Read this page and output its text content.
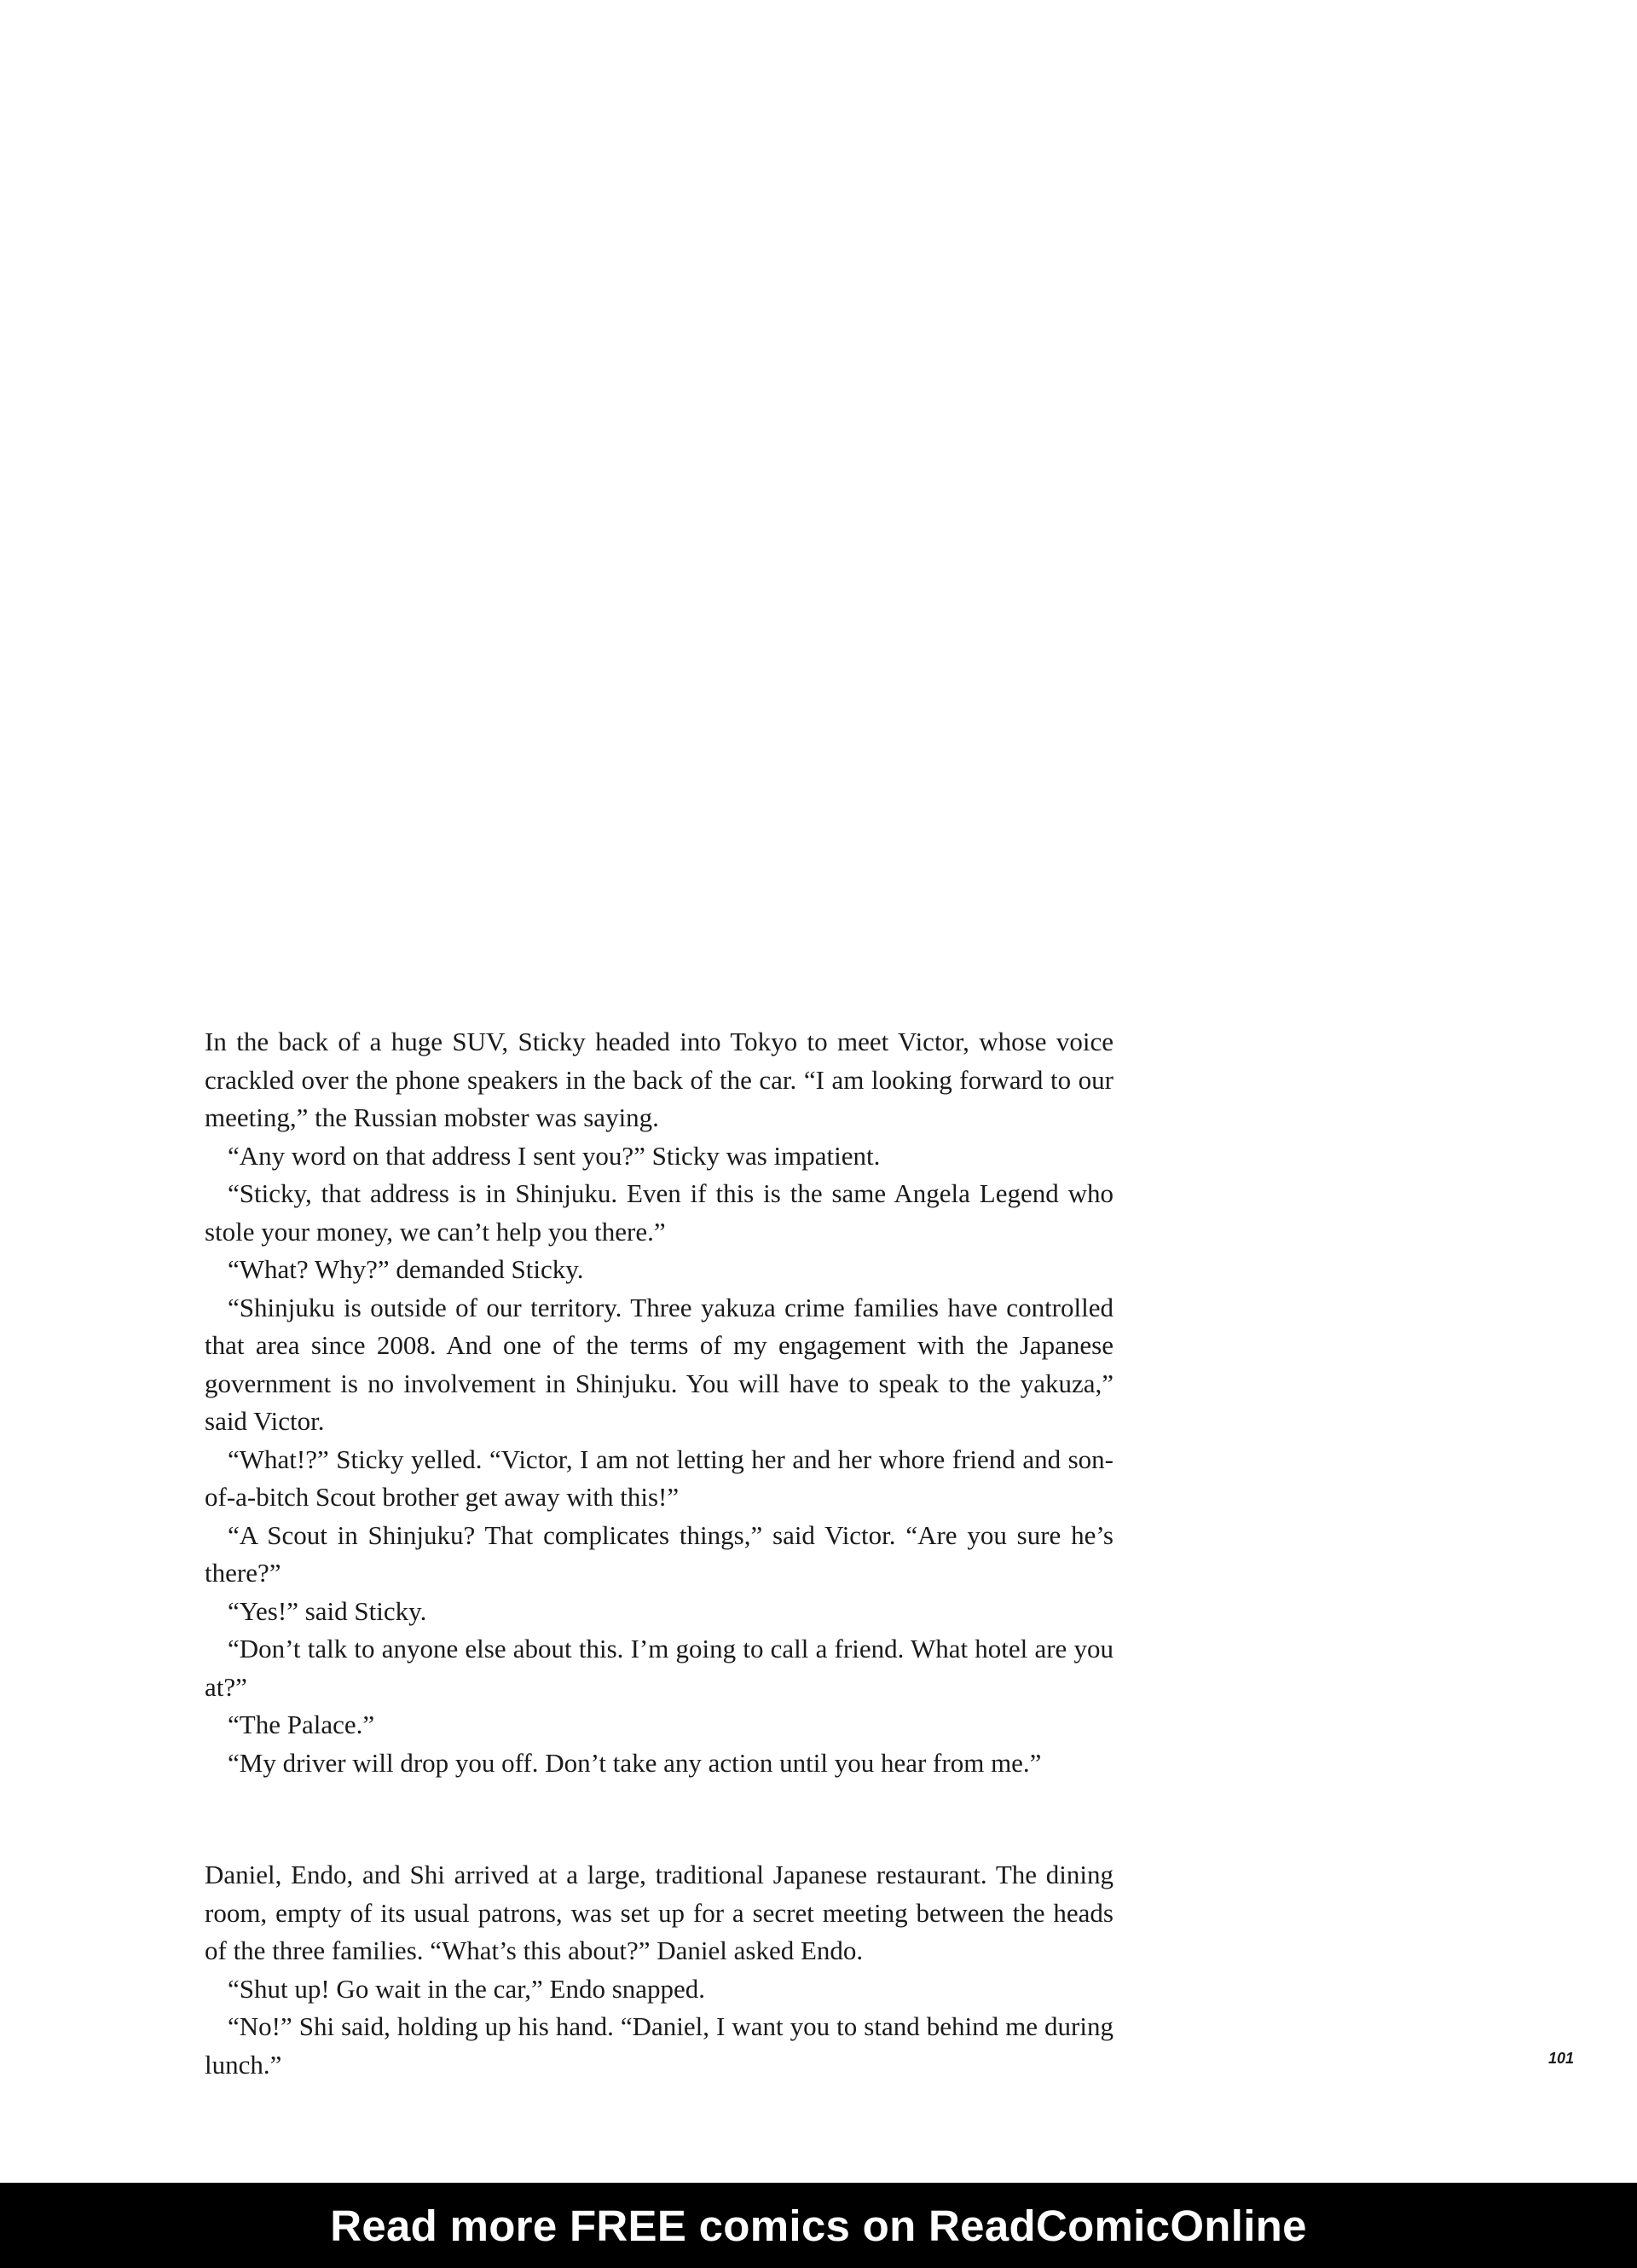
In the back of a huge SUV, Sticky headed into Tokyo to meet Victor, whose voice crackled over the phone speakers in the back of the car. “I am looking forward to our meeting,” the Russian mobster was saying.

“Any word on that address I sent you?” Sticky was impatient.

“Sticky, that address is in Shinjuku. Even if this is the same Angela Legend who stole your money, we can’t help you there.”

“What? Why?” demanded Sticky.

“Shinjuku is outside of our territory. Three yakuza crime families have controlled that area since 2008. And one of the terms of my engagement with the Japanese government is no involvement in Shinjuku. You will have to speak to the yakuza,” said Victor.

“What!?” Sticky yelled. “Victor, I am not letting her and her whore friend and son-of-a-bitch Scout brother get away with this!”

“A Scout in Shinjuku? That complicates things,” said Victor. “Are you sure he’s there?”

“Yes!” said Sticky.

“Don’t talk to anyone else about this. I’m going to call a friend. What hotel are you at?”

“The Palace.”

“My driver will drop you off. Don’t take any action until you hear from me.”

Daniel, Endo, and Shi arrived at a large, traditional Japanese restaurant. The dining room, empty of its usual patrons, was set up for a secret meeting between the heads of the three families. “What’s this about?” Daniel asked Endo.

“Shut up! Go wait in the car,” Endo snapped.

“No!” Shi said, holding up his hand. “Daniel, I want you to stand behind me during lunch.”	101
Read more FREE comics on ReadComicOnline
